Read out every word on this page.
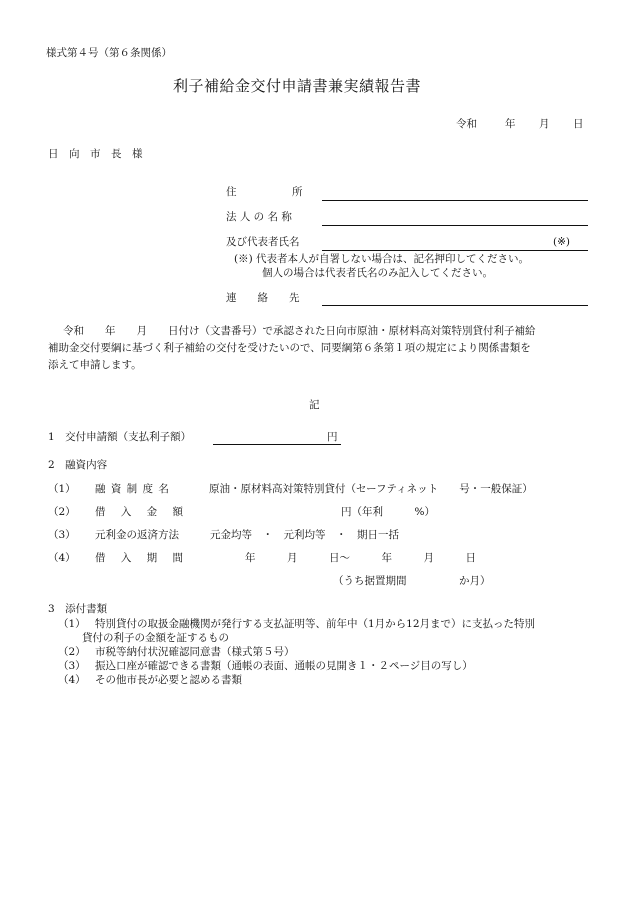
様式第４号（第６条関係）
利子補給金交付申請書兼実績報告書
令和	年 月 日
日　向　市　長　様
住　　　　　所
法 人 の 名 称
及び代表者氏名	(※)
(※) 代表者本人が自署しない場合は、記名押印してください。
個人の場合は代表者氏名のみ記入してください。
連　　絡　　先
令和　　年　　月　　日付け（文書番号）で承認された日向市原油・原材料高対策特別貸付利子補給
補助金交付要綱に基づく利子補給の交付を受けたいので、同要綱第６条第１項の規定により関係書類を
添えて申請します。
記
1　交付申請額（支払利子額）	円
2　融資内容
（1） 融 資 制 度 名	原油・原材料高対策特別貸付（セーフティネット　　号・一般保証）
（2） 借 入 金 額	円（年利　　　%）
（3） 元利金の返済方法	元金均等　・　元利均等　・　期日一括
（4） 借 入 期 間	年　　　月　　　日〜　　　年　　　月　　　日
（うち据置期間　　　　　か月）
3　添付書類
（1） 特別貸付の取扱金融機関が発行する支払証明等、前年中（1月から12月まで）に支払った特別
貸付の利子の金額を証するもの
（2） 市税等納付状況確認同意書（様式第５号）
（3） 振込口座が確認できる書類（通帳の表面、通帳の見開き１・２ページ目の写し）
（4） その他市長が必要と認める書類
